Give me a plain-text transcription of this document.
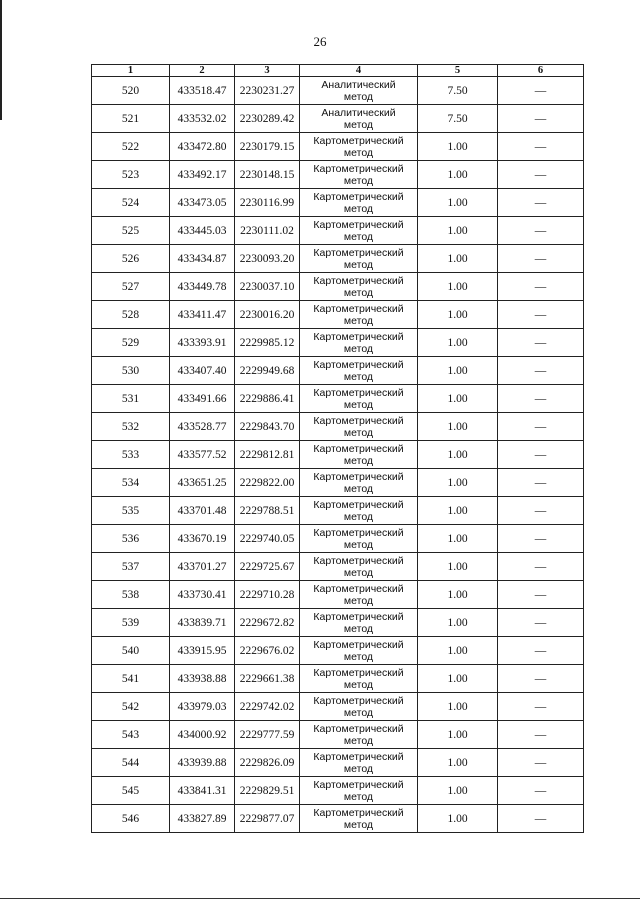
26
1	2	3	4	5	6
520	433518.47	2230231.27	Аналитический
метод	7.50	—
521	433532.02	2230289.42	Аналитический
метод	7.50	—
522	433472.80	2230179.15	Картометрический
метод	1.00	—
523	433492.17	2230148.15	Картометрический
метод	1.00	—
524	433473.05	2230116.99	Картометрический
метод	1.00	—
525	433445.03	2230111.02	Картометрический
метод	1.00	—
526	433434.87	2230093.20	Картометрический
метод	1.00	—
527	433449.78	2230037.10	Картометрический
метод	1.00	—
528	433411.47	2230016.20	Картометрический
метод	1.00	—
529	433393.91	2229985.12	Картометрический
метод	1.00	—
530	433407.40	2229949.68	Картометрический
метод	1.00	—
531	433491.66	2229886.41	Картометрический
метод	1.00	—
532	433528.77	2229843.70	Картометрический
метод	1.00	—
533	433577.52	2229812.81	Картометрический
метод	1.00	—
534	433651.25	2229822.00	Картометрический
метод	1.00	—
535	433701.48	2229788.51	Картометрический
метод	1.00	—
536	433670.19	2229740.05	Картометрический
метод	1.00	—
537	433701.27	2229725.67	Картометрический
метод	1.00	—
538	433730.41	2229710.28	Картометрический
метод	1.00	—
539	433839.71	2229672.82	Картометрический
метод	1.00	—
540	433915.95	2229676.02	Картометрический
метод	1.00	—
541	433938.88	2229661.38	Картометрический
метод	1.00	—
542	433979.03	2229742.02	Картометрический
метод	1.00	—
543	434000.92	2229777.59	Картометрический
метод	1.00	—
544	433939.88	2229826.09	Картометрический
метод	1.00	—
545	433841.31	2229829.51	Картометрический
метод	1.00	—
546	433827.89	2229877.07	Картометрический
метод	1.00	—
